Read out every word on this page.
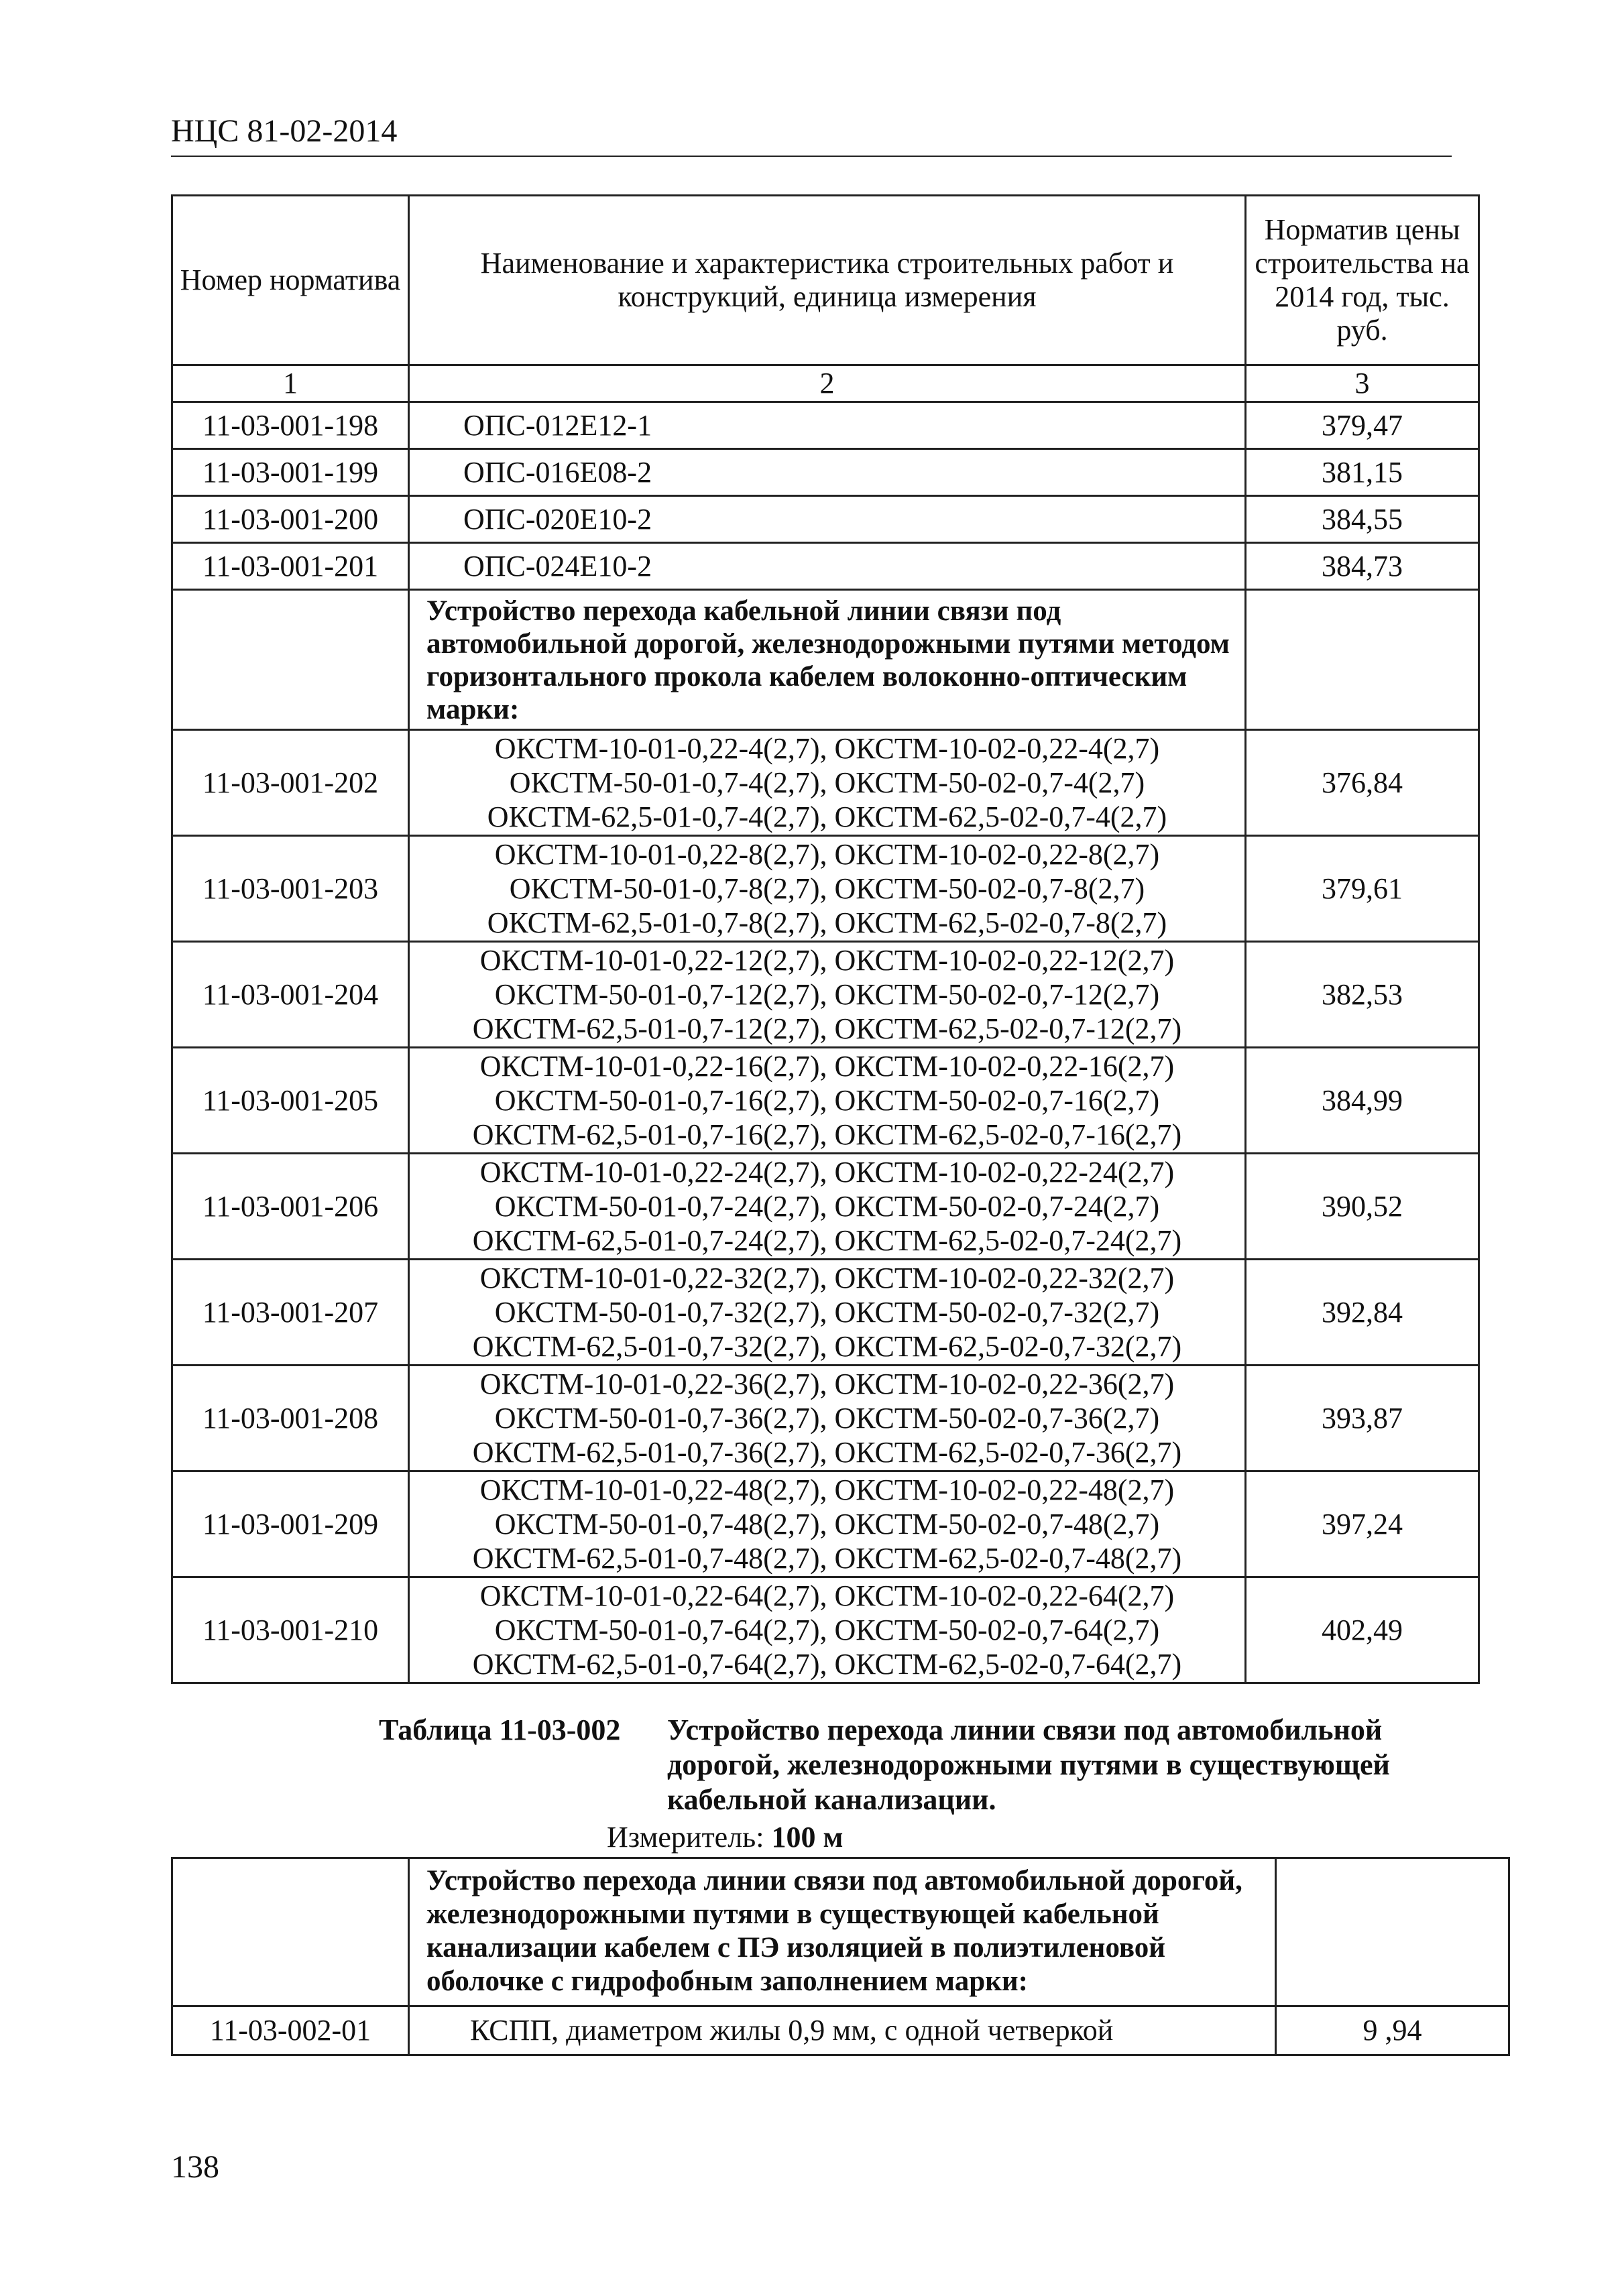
НЦС 81-02-2014
Номер норматива	Наименование и характеристика строительных работ и конструкций, единица измерения	Норматив цены строительства на 2014 год, тыс. руб.
1	2	3
11-03-001-198	ОПС-012Е12-1	379,47
11-03-001-199	ОПС-016Е08-2	381,15
11-03-001-200	ОПС-020Е10-2	384,55
11-03-001-201	ОПС-024Е10-2	384,73
	Устройство перехода кабельной линии связи под автомобильной дорогой, железнодорожными путями методом горизонтального прокола кабелем волоконно-оптическим марки:	
11-03-001-202	ОКСТМ-10-01-0,22-4(2,7), ОКСТМ-10-02-0,22-4(2,7)
ОКСТМ-50-01-0,7-4(2,7), ОКСТМ-50-02-0,7-4(2,7)
ОКСТМ-62,5-01-0,7-4(2,7), ОКСТМ-62,5-02-0,7-4(2,7)	376,84
11-03-001-203	ОКСТМ-10-01-0,22-8(2,7), ОКСТМ-10-02-0,22-8(2,7)
ОКСТМ-50-01-0,7-8(2,7), ОКСТМ-50-02-0,7-8(2,7)
ОКСТМ-62,5-01-0,7-8(2,7), ОКСТМ-62,5-02-0,7-8(2,7)	379,61
11-03-001-204	ОКСТМ-10-01-0,22-12(2,7), ОКСТМ-10-02-0,22-12(2,7)
ОКСТМ-50-01-0,7-12(2,7), ОКСТМ-50-02-0,7-12(2,7)
ОКСТМ-62,5-01-0,7-12(2,7), ОКСТМ-62,5-02-0,7-12(2,7)	382,53
11-03-001-205	ОКСТМ-10-01-0,22-16(2,7), ОКСТМ-10-02-0,22-16(2,7)
ОКСТМ-50-01-0,7-16(2,7), ОКСТМ-50-02-0,7-16(2,7)
ОКСТМ-62,5-01-0,7-16(2,7), ОКСТМ-62,5-02-0,7-16(2,7)	384,99
11-03-001-206	ОКСТМ-10-01-0,22-24(2,7), ОКСТМ-10-02-0,22-24(2,7)
ОКСТМ-50-01-0,7-24(2,7), ОКСТМ-50-02-0,7-24(2,7)
ОКСТМ-62,5-01-0,7-24(2,7), ОКСТМ-62,5-02-0,7-24(2,7)	390,52
11-03-001-207	ОКСТМ-10-01-0,22-32(2,7), ОКСТМ-10-02-0,22-32(2,7)
ОКСТМ-50-01-0,7-32(2,7), ОКСТМ-50-02-0,7-32(2,7)
ОКСТМ-62,5-01-0,7-32(2,7), ОКСТМ-62,5-02-0,7-32(2,7)	392,84
11-03-001-208	ОКСТМ-10-01-0,22-36(2,7), ОКСТМ-10-02-0,22-36(2,7)
ОКСТМ-50-01-0,7-36(2,7), ОКСТМ-50-02-0,7-36(2,7)
ОКСТМ-62,5-01-0,7-36(2,7), ОКСТМ-62,5-02-0,7-36(2,7)	393,87
11-03-001-209	ОКСТМ-10-01-0,22-48(2,7), ОКСТМ-10-02-0,22-48(2,7)
ОКСТМ-50-01-0,7-48(2,7), ОКСТМ-50-02-0,7-48(2,7)
ОКСТМ-62,5-01-0,7-48(2,7), ОКСТМ-62,5-02-0,7-48(2,7)	397,24
11-03-001-210	ОКСТМ-10-01-0,22-64(2,7), ОКСТМ-10-02-0,22-64(2,7)
ОКСТМ-50-01-0,7-64(2,7), ОКСТМ-50-02-0,7-64(2,7)
ОКСТМ-62,5-01-0,7-64(2,7), ОКСТМ-62,5-02-0,7-64(2,7)	402,49
Таблица 11-03-002 Устройство перехода линии связи под автомобильной дорогой, железнодорожными путями в существующей кабельной канализации.
Измеритель: 100 м
	Устройство перехода линии связи под автомобильной дорогой, железнодорожными путями в существующей кабельной канализации кабелем с ПЭ изоляцией в полиэтиленовой оболочке с гидрофобным заполнением марки:	
11-03-002-01	КСПП, диаметром жилы 0,9 мм, с одной четверкой	9 ,94
138
